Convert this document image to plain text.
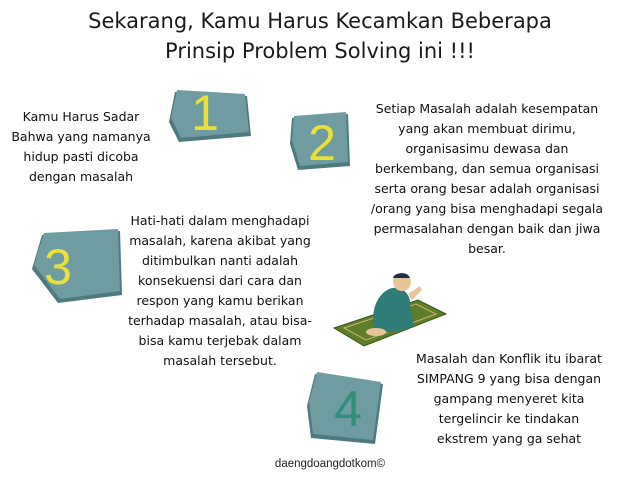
Sekarang, Kamu Harus Kecamkan Beberapa
Prinsip Problem Solving ini !!!
Kamu Harus Sadar
Bahwa yang namanya
hidup pasti dicoba
dengan masalah
1
2
Setiap Masalah adalah kesempatan
yang akan membuat dirimu,
organisasimu dewasa dan
berkembang, dan semua organisasi
serta orang besar adalah organisasi
/orang yang bisa menghadapi segala
permasalahan dengan baik dan jiwa
besar.
3
Hati-hati dalam menghadapi
masalah, karena akibat yang
ditimbulkan nanti adalah
konsekuensi dari cara dan
respon yang kamu berikan
terhadap masalah, atau bisa-
bisa kamu terjebak dalam
masalah tersebut.
4
Masalah dan Konflik itu ibarat
SIMPANG 9 yang bisa dengan
gampang menyeret kita
tergelincir ke tindakan
ekstrem yang ga sehat
daengdoangdotkom©
